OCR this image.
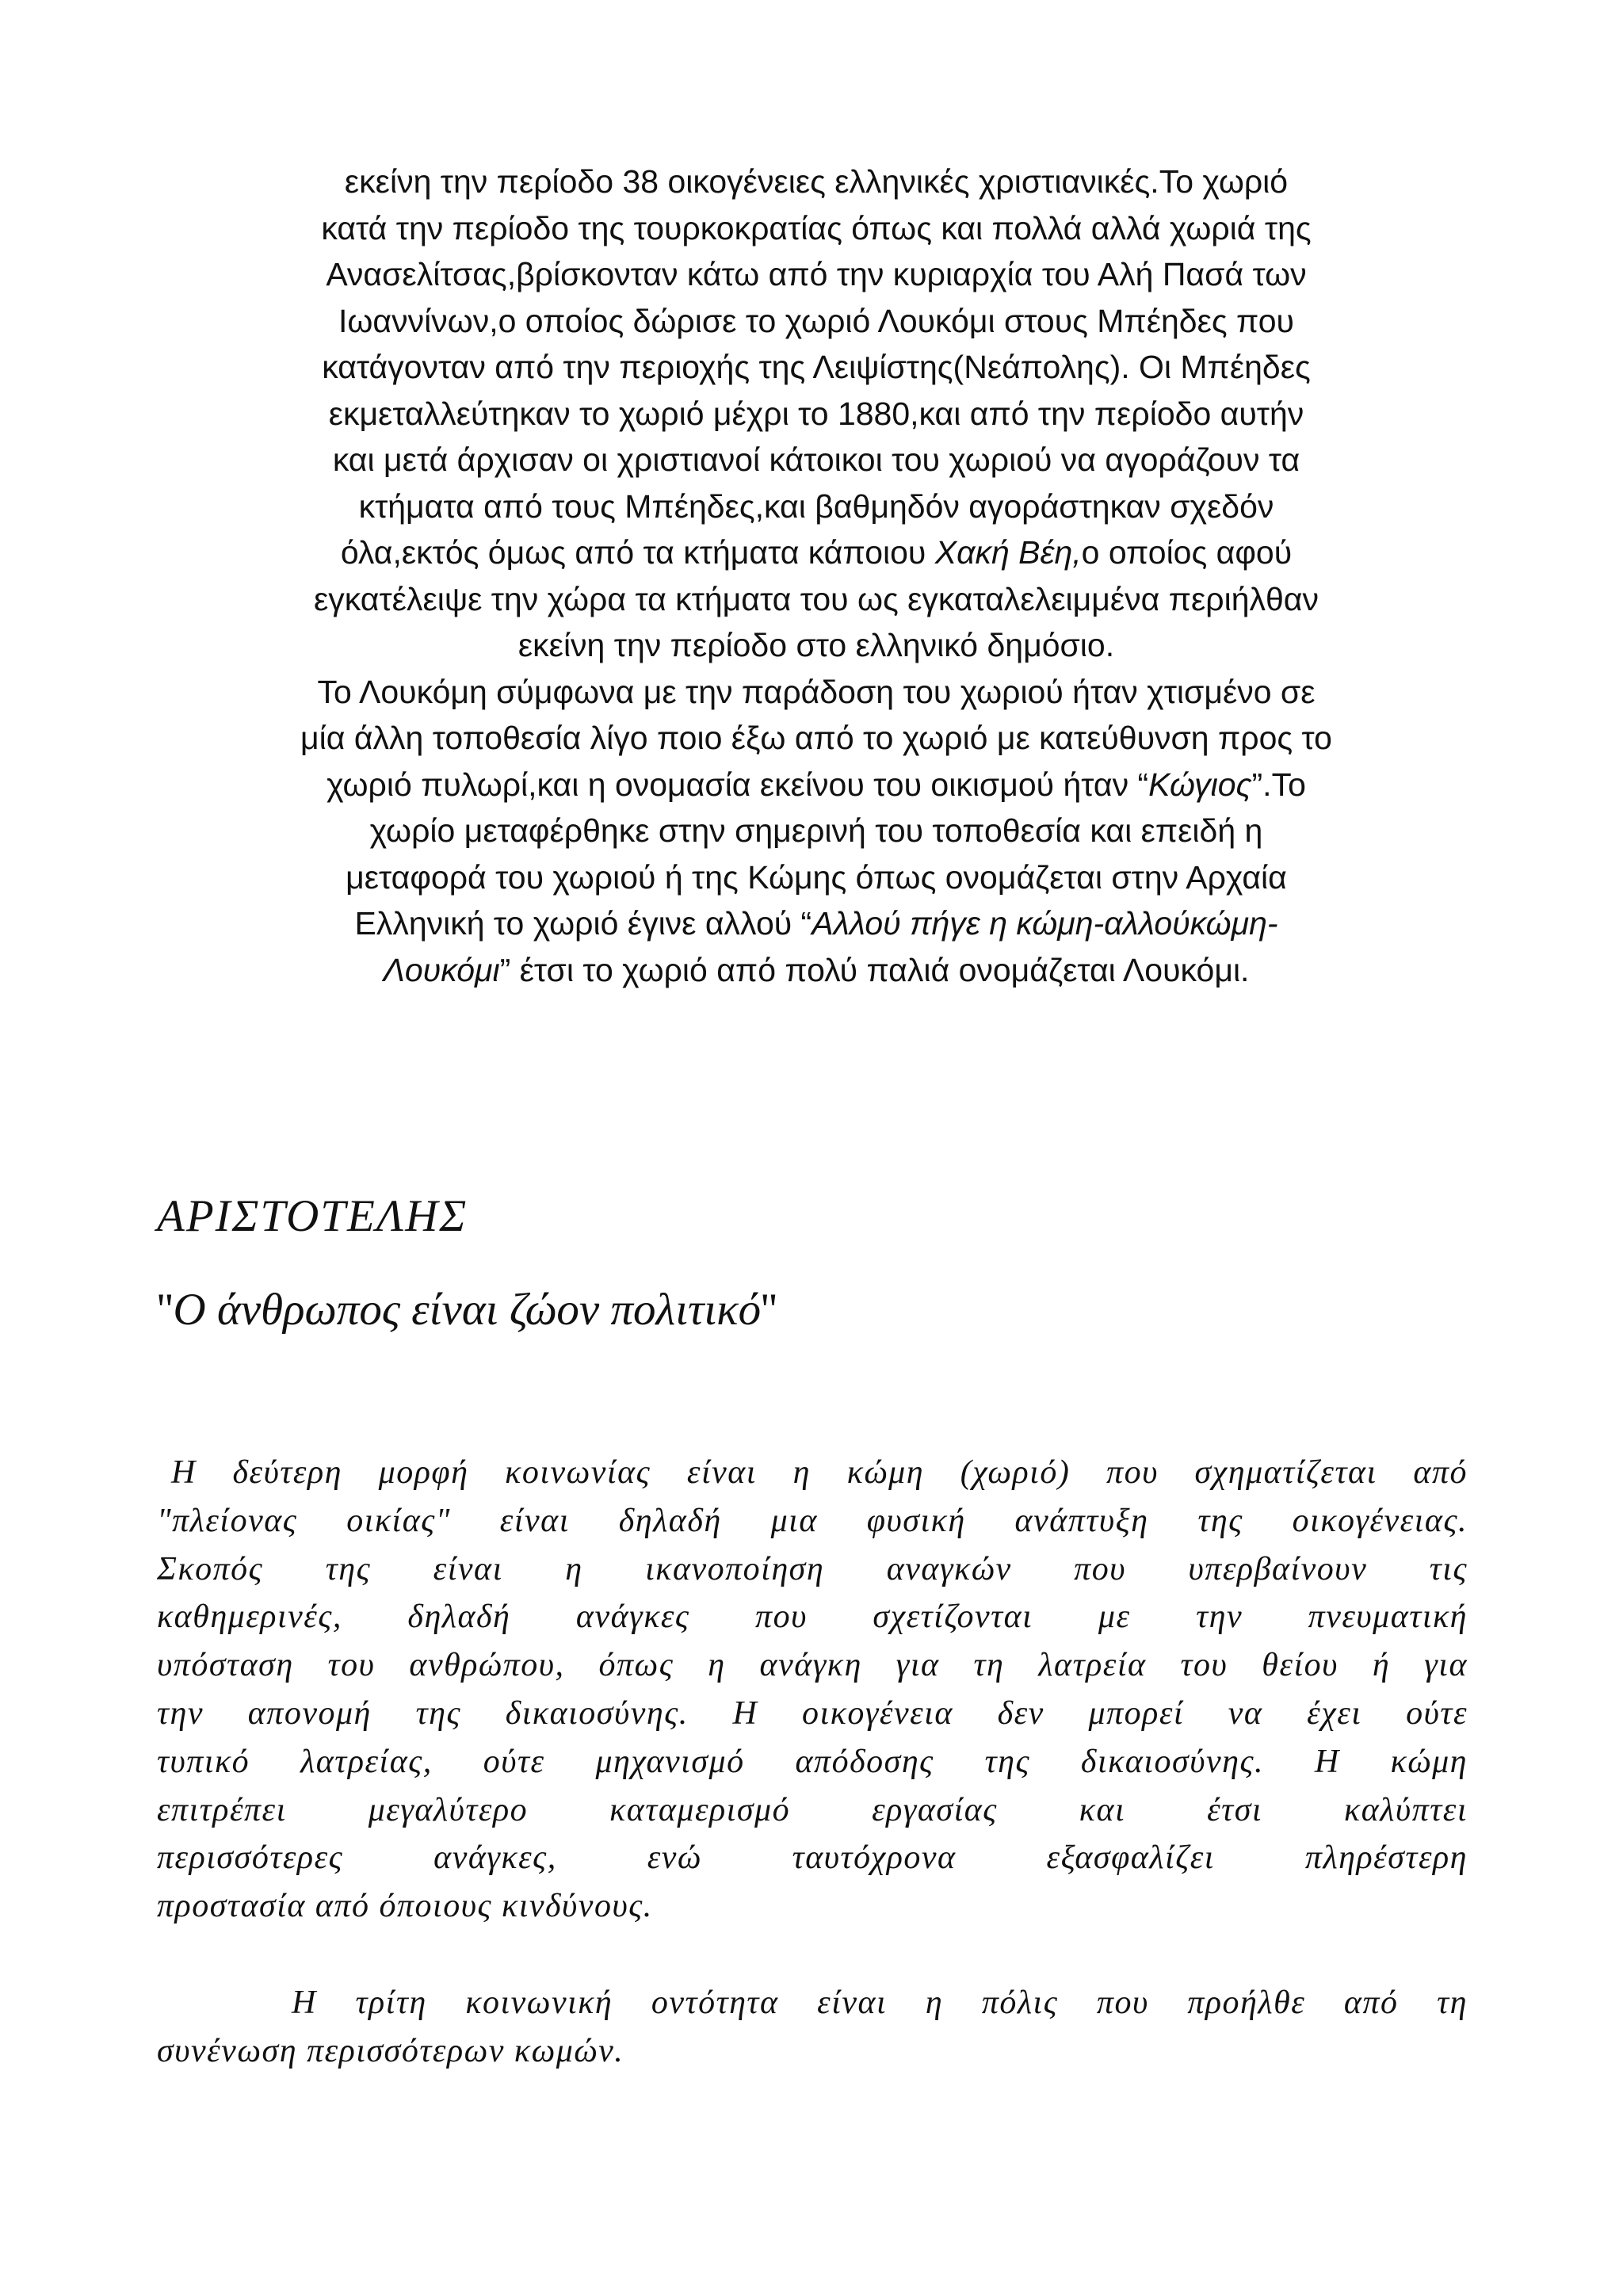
εκείνη την περίοδο 38 οικογένειες ελληνικές χριστιανικές.Το χωριό
κατά την περίοδο της τουρκοκρατίας όπως και πολλά αλλά χωριά της
Ανασελίτσας,βρίσκονταν κάτω από την κυριαρχία του Αλή Πασά των
Ιωαννίνων,ο οποίος δώρισε το χωριό Λουκόμι στους Μπέηδες που
κατάγονταν από την περιοχής της Λειψίστης(Νεάπολης). Οι Μπέηδες
εκμεταλλεύτηκαν το χωριό μέχρι το 1880,και από την περίοδο αυτήν
και μετά άρχισαν οι χριστιανοί κάτοικοι του χωριού να αγοράζουν τα
κτήματα από τους Μπέηδες,και βαθμηδόν αγοράστηκαν σχεδόν
όλα,εκτός όμως από τα κτήματα κάποιου Χακή Βέη,ο οποίος αφού
εγκατέλειψε την χώρα τα κτήματα του ως εγκαταλελειμμένα περιήλθαν
εκείνη την περίοδο στο ελληνικό δημόσιο.
Το Λουκόμη σύμφωνα με την παράδοση του χωριού ήταν χτισμένο σε
μία άλλη τοποθεσία λίγο ποιο έξω από το χωριό με κατεύθυνση προς το
χωριό πυλωρί,και η ονομασία εκείνου του οικισμού ήταν “Κώγιος”.Το
χωρίο μεταφέρθηκε στην σημερινή του τοποθεσία και επειδή η
μεταφορά του χωριού ή της Κώμης όπως ονομάζεται στην Αρχαία
Ελληνική το χωριό έγινε αλλού “Αλλού πήγε η κώμη-αλλούκώμη-
Λουκόμι” έτσι το χωριό από πολύ παλιά ονομάζεται Λουκόμι.
ΑΡΙΣΤΟΤΕΛΗΣ
''Ο άνθρωπος είναι ζώον πολιτικό''
Η δεύτερη μορφή κοινωνίας είναι η κώμη (χωριό) που σχηματίζεται από
"πλείονας οικίας" είναι δηλαδή μια φυσική ανάπτυξη της οικογένειας.
Σκοπός της είναι η ικανοποίηση αναγκών που υπερβαίνουν τις
καθημερινές, δηλαδή ανάγκες που σχετίζονται με την πνευματική
υπόσταση του ανθρώπου, όπως η ανάγκη για τη λατρεία του θείου ή για
την απονομή της δικαιοσύνης. Η οικογένεια δεν μπορεί να έχει ούτε
τυπικό λατρείας, ούτε μηχανισμό απόδοσης της δικαιοσύνης. Η κώμη
επιτρέπει μεγαλύτερο καταμερισμό εργασίας και έτσι καλύπτει
περισσότερες ανάγκες, ενώ ταυτόχρονα εξασφαλίζει πληρέστερη
προστασία από όποιους κινδύνους.
Η τρίτη κοινωνική οντότητα είναι η πόλις που προήλθε από τη
συνένωση περισσότερων κωμών.
